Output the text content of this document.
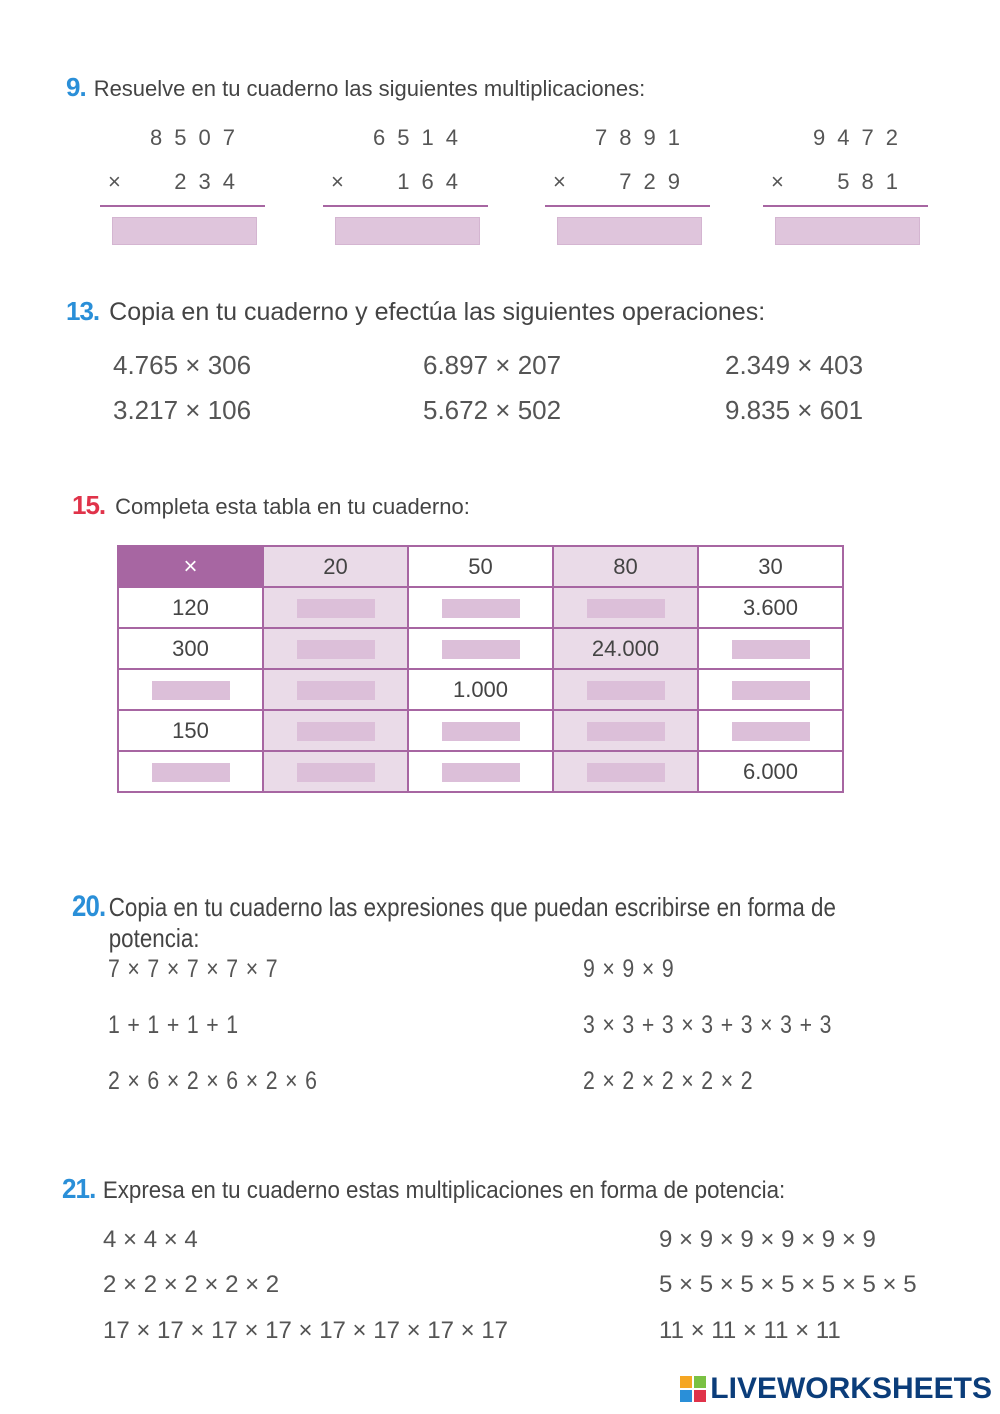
9. Resuelve en tu cuaderno las siguientes multiplicaciones:
8507
× 234
6514
× 164
7891
× 729
9472
× 581
13. Copia en tu cuaderno y efectúa las siguientes operaciones:
4.765 × 306	6.897 × 207	2.349 × 403
3.217 × 106	5.672 × 502	9.835 × 601
15. Completa esta tabla en tu cuaderno:
×	20	50	80	30
120				3.600
300			24.000	
		1.000		
150				
				6.000
20. Copia en tu cuaderno las expresiones que puedan escribirse en forma de potencia:
7 × 7 × 7 × 7 × 7	9 × 9 × 9
1 + 1 + 1 + 1	3 × 3 + 3 × 3 + 3 × 3 + 3
2 × 6 × 2 × 6 × 2 × 6	2 × 2 × 2 × 2 × 2
21. Expresa en tu cuaderno estas multiplicaciones en forma de potencia:
4 × 4 × 4	9 × 9 × 9 × 9 × 9 × 9
2 × 2 × 2 × 2 × 2	5 × 5 × 5 × 5 × 5 × 5 × 5
17 × 17 × 17 × 17 × 17 × 17 × 17 × 17	11 × 11 × 11 × 11
LIVEWORKSHEETS
